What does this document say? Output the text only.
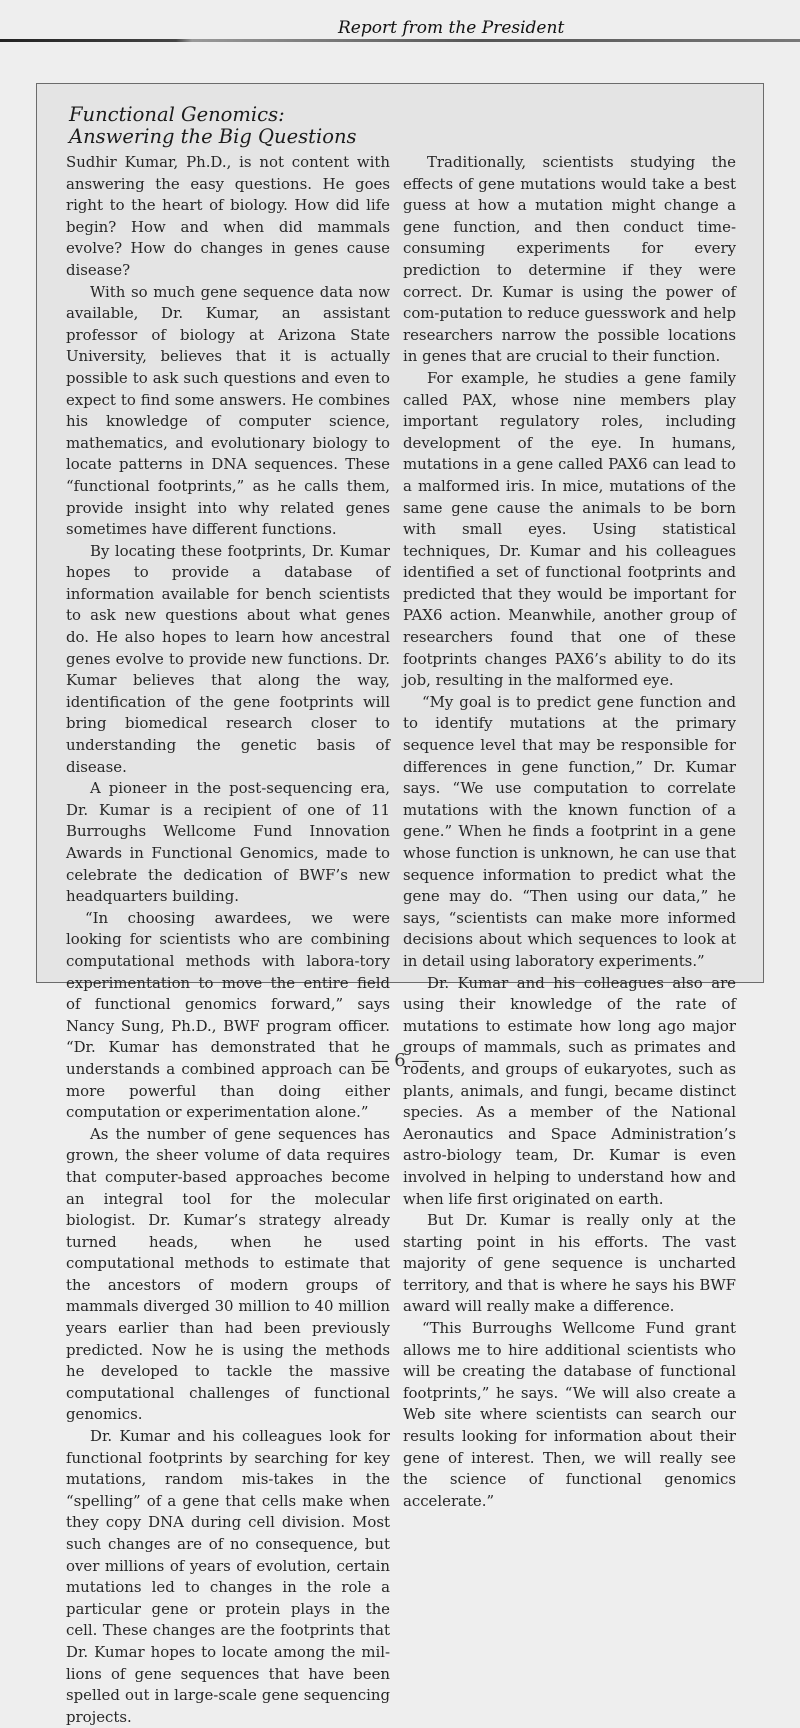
Report from the President
Functional Genomics:
Answering the Big Questions

Sudhir Kumar, Ph.D., is not content with answering the easy questions. He goes right to the heart of biology. How did life begin? How and when did mammals evolve? How do changes in genes cause disease?

With so much gene sequence data now available, Dr. Kumar, an assistant professor of biology at Arizona State University, believes that it is actually possible to ask such questions and even to expect to find some answers. He combines his knowledge of computer science, mathematics, and evolutionary biology to locate patterns in DNA sequences. These “functional footprints,” as he calls them, provide insight into why related genes sometimes have different functions.

By locating these footprints, Dr. Kumar hopes to provide a database of information available for bench scientists to ask new questions about what genes do. He also hopes to learn how ancestral genes evolve to provide new functions. Dr. Kumar believes that along the way, identification of the gene footprints will bring biomedical research closer to understanding the genetic basis of disease.

A pioneer in the post-sequencing era, Dr. Kumar is a recipient of one of 11 Burroughs Wellcome Fund Innovation Awards in Functional Genomics, made to celebrate the dedication of BWF’s new headquarters building.

“In choosing awardees, we were looking for scientists who are combining computational methods with labora-tory experimentation to move the entire field of functional genomics forward,” says Nancy Sung, Ph.D., BWF program officer. “Dr. Kumar has demonstrated that he understands a combined approach can be more powerful than doing either computation or experimentation alone.”

As the number of gene sequences has grown, the sheer volume of data requires that computer-based approaches become an integral tool for the molecular biologist. Dr. Kumar’s strategy already turned heads, when he used computational methods to estimate that the ancestors of modern groups of mammals diverged 30 million to 40 million years earlier than had been previously predicted. Now he is using the methods he developed to tackle the massive computational challenges of functional genomics.

Dr. Kumar and his colleagues look for functional footprints by searching for key mutations, random mis-takes in the “spelling” of a gene that cells make when they copy DNA during cell division. Most such changes are of no consequence, but over millions of years of evolution, certain mutations led to changes in the role a particular gene or protein plays in the cell. These changes are the footprints that Dr. Kumar hopes to locate among the mil-lions of gene sequences that have been spelled out in large-scale gene sequencing projects.

Traditionally, scientists studying the effects of gene mutations would take a best guess at how a mutation might change a gene function, and then conduct time-consuming experiments for every prediction to determine if they were correct. Dr. Kumar is using the power of com-putation to reduce guesswork and help researchers narrow the possible locations in genes that are crucial to their function.

For example, he studies a gene family called PAX, whose nine members play important regulatory roles, including development of the eye. In humans, mutations in a gene called PAX6 can lead to a malformed iris. In mice, mutations of the same gene cause the animals to be born with small eyes. Using statistical techniques, Dr. Kumar and his colleagues identified a set of functional footprints and predicted that they would be important for PAX6 action. Meanwhile, another group of researchers found that one of these footprints changes PAX6’s ability to do its job, resulting in the malformed eye.

“My goal is to predict gene function and to identify mutations at the primary sequence level that may be responsible for differences in gene function,” Dr. Kumar says. “We use computation to correlate mutations with the known function of a gene.” When he finds a footprint in a gene whose function is unknown, he can use that sequence information to predict what the gene may do. “Then using our data,” he says, “scientists can make more informed decisions about which sequences to look at in detail using laboratory experiments.”

Dr. Kumar and his colleagues also are using their knowledge of the rate of mutations to estimate how long ago major groups of mammals, such as primates and rodents, and groups of eukaryotes, such as plants, animals, and fungi, became distinct species. As a member of the National Aeronautics and Space Administration’s astro-biology team, Dr. Kumar is even involved in helping to understand how and when life first originated on earth.

But Dr. Kumar is really only at the starting point in his efforts. The vast majority of gene sequence is uncharted territory, and that is where he says his BWF award will really make a difference.

“This Burroughs Wellcome Fund grant allows me to hire additional scientists who will be creating the database of functional footprints,” he says. “We will also create a Web site where scientists can search our results looking for information about their gene of interest. Then, we will really see the science of functional genomics accelerate.”

— 6 —
